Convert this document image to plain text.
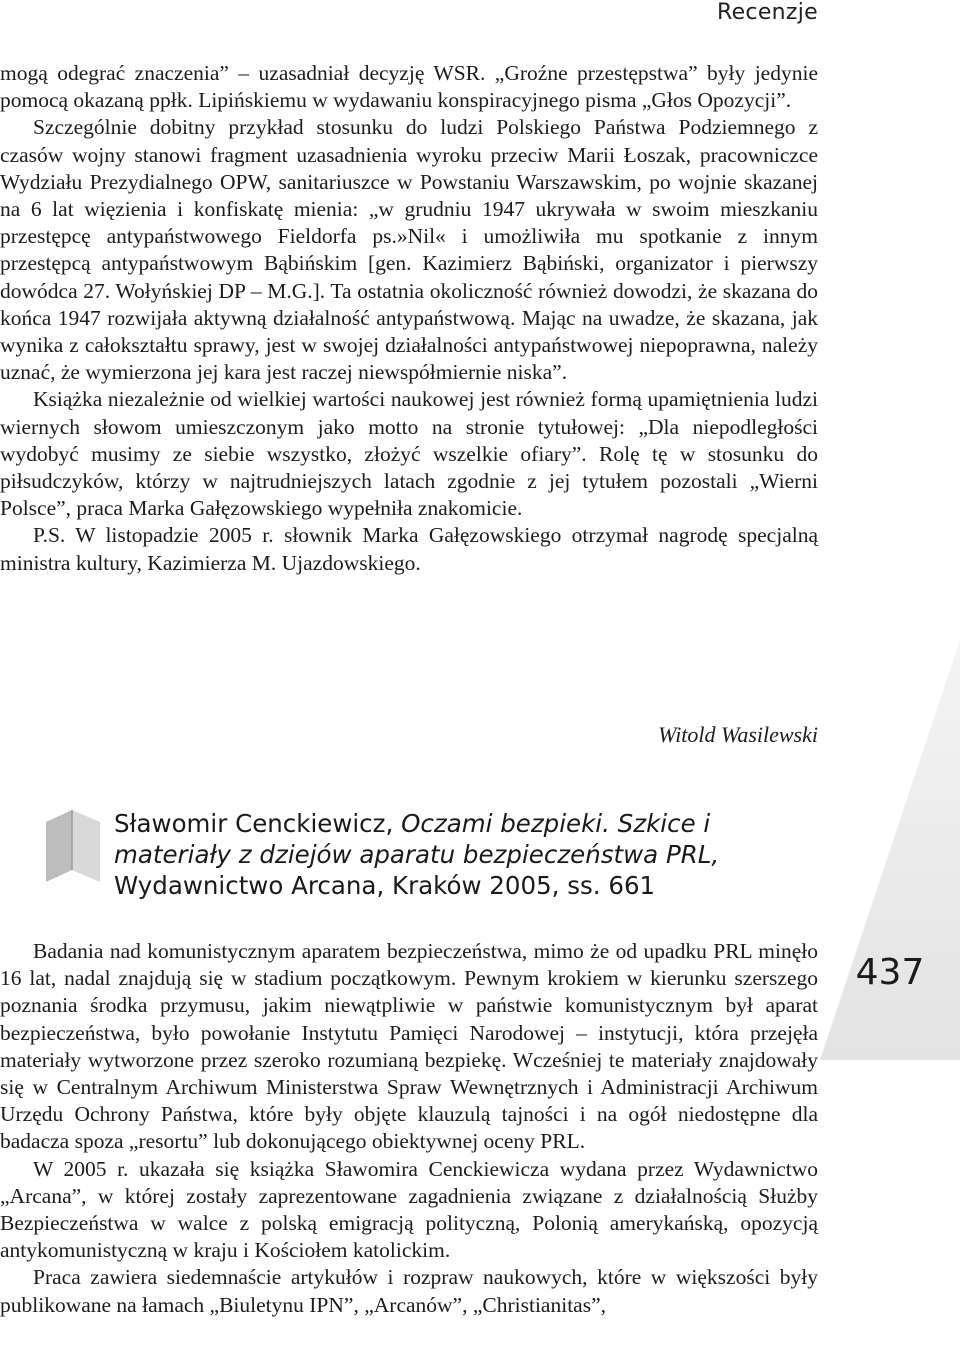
Recenzje

mogą odegrać znaczenia” – uzasadniał decyzję WSR. „Groźne przestępstwa” były jedynie pomocą okazaną ppłk. Lipińskiemu w wydawaniu konspiracyjnego pisma „Głos Opozycji”.

Szczególnie dobitny przykład stosunku do ludzi Polskiego Państwa Podziemnego z czasów wojny stanowi fragment uzasadnienia wyroku przeciw Marii Łoszak, pracowniczce Wydziału Prezydialnego OPW, sanitariuszce w Powstaniu Warszawskim, po wojnie skazanej na 6 lat więzienia i konfiskatę mienia: „w grudniu 1947 ukrywała w swoim mieszkaniu przestępcę antypaństwowego Fieldorfa ps.»Nil« i umożliwiła mu spotkanie z innym przestępcą antypaństwowym Bąbińskim [gen. Kazimierz Bąbiński, organizator i pierwszy dowódca 27. Wołyńskiej DP – M.G.]. Ta ostatnia okoliczność również dowodzi, że skazana do końca 1947 rozwijała aktywną działalność antypaństwową. Mając na uwadze, że skazana, jak wynika z całokształtu sprawy, jest w swojej działalności antypaństwowej niepoprawna, należy uznać, że wymierzona jej kara jest raczej niewspółmiernie niska”.

Książka niezależnie od wielkiej wartości naukowej jest również formą upamiętnienia ludzi wiernych słowom umieszczonym jako motto na stronie tytułowej: „Dla niepodległości wydobyć musimy ze siebie wszystko, złożyć wszelkie ofiary”. Rolę tę w stosunku do piłsudczyków, którzy w najtrudniejszych latach zgodnie z jej tytułem pozostali „Wierni Polsce”, praca Marka Gałęzowskiego wypełniła znakomicie.

P.S. W listopadzie 2005 r. słownik Marka Gałęzowskiego otrzymał nagrodę specjalną ministra kultury, Kazimierza M. Ujazdowskiego.

Witold Wasilewski
437
Sławomir Cenckiewicz, Oczami bezpieki. Szkice i materiały z dziejów aparatu bezpieczeństwa PRL, Wydawnictwo Arcana, Kraków 2005, ss. 661

Badania nad komunistycznym aparatem bezpieczeństwa, mimo że od upadku PRL minęło 16 lat, nadal znajdują się w stadium początkowym. Pewnym krokiem w kierunku szerszego poznania środka przymusu, jakim niewątpliwie w państwie komunistycznym był aparat bezpieczeństwa, było powołanie Instytutu Pamięci Narodowej – instytucji, która przejęła materiały wytworzone przez szeroko rozumianą bezpiekę. Wcześniej te materiały znajdowały się w Centralnym Archiwum Ministerstwa Spraw Wewnętrznych i Administracji Archiwum Urzędu Ochrony Państwa, które były objęte klauzulą tajności i na ogół niedostępne dla badacza spoza „resortu” lub dokonującego obiektywnej oceny PRL.

W 2005 r. ukazała się książka Sławomira Cenckiewicza wydana przez Wydawnictwo „Arcana”, w której zostały zaprezentowane zagadnienia związane z działalnością Służby Bezpieczeństwa w walce z polską emigracją polityczną, Polonią amerykańską, opozycją antykomunistyczną w kraju i Kościołem katolickim.

Praca zawiera siedemnaście artykułów i rozpraw naukowych, które w większości były publikowane na łamach „Biuletynu IPN”, „Arcanów”, „Christianitas”,
